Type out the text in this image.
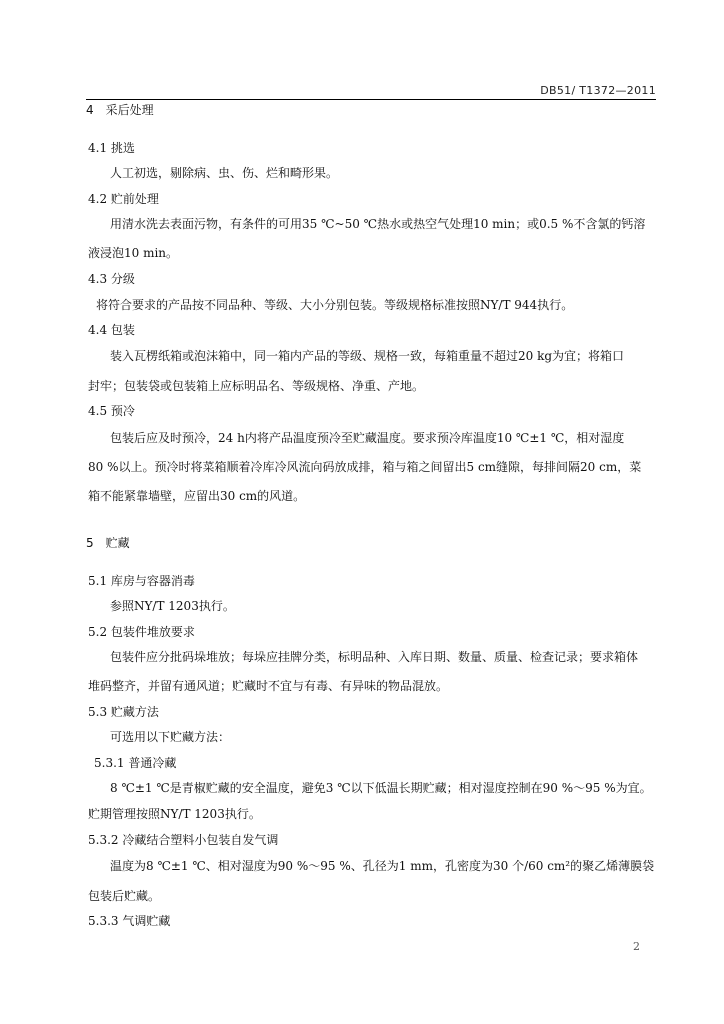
DB51/ T1372—2011
4　采后处理
4.1 挑选
人工初选，剔除病、虫、伤、烂和畸形果。
4.2 贮前处理
用清水洗去表面污物，有条件的可用35 ℃~50 ℃热水或热空气处理10 min；或0.5 %不含氯的钙溶
液浸泡10 min。
4.3 分级
将符合要求的产品按不同品种、等级、大小分别包装。等级规格标准按照NY/T 944执行。
4.4 包装
装入瓦楞纸箱或泡沫箱中，同一箱内产品的等级、规格一致，每箱重量不超过20 kg为宜；将箱口
封牢；包装袋或包装箱上应标明品名、等级规格、净重、产地。
4.5 预冷
包装后应及时预冷，24 h内将产品温度预冷至贮藏温度。要求预冷库温度10 ℃±1 ℃，相对湿度
80 %以上。预冷时将菜箱顺着冷库冷风流向码放成排，箱与箱之间留出5 cm缝隙，每排间隔20 cm，菜
箱不能紧靠墙壁，应留出30 cm的风道。
5　贮藏
5.1 库房与容器消毒
参照NY/T 1203执行。
5.2 包装件堆放要求
包装件应分批码垛堆放；每垛应挂牌分类，标明品种、入库日期、数量、质量、检查记录；要求箱体
堆码整齐，并留有通风道；贮藏时不宜与有毒、有异味的物品混放。
5.3 贮藏方法
可选用以下贮藏方法：
5.3.1 普通冷藏
8 ℃±1 ℃是青椒贮藏的安全温度，避免3 ℃以下低温长期贮藏；相对湿度控制在90 %～95 %为宜。
贮期管理按照NY/T 1203执行。
5.3.2 冷藏结合塑料小包装自发气调
温度为8 ℃±1 ℃、相对湿度为90 %～95 %、孔径为1 mm，孔密度为30 个/60 cm²的聚乙烯薄膜袋
包装后贮藏。
5.3.3 气调贮藏
2
